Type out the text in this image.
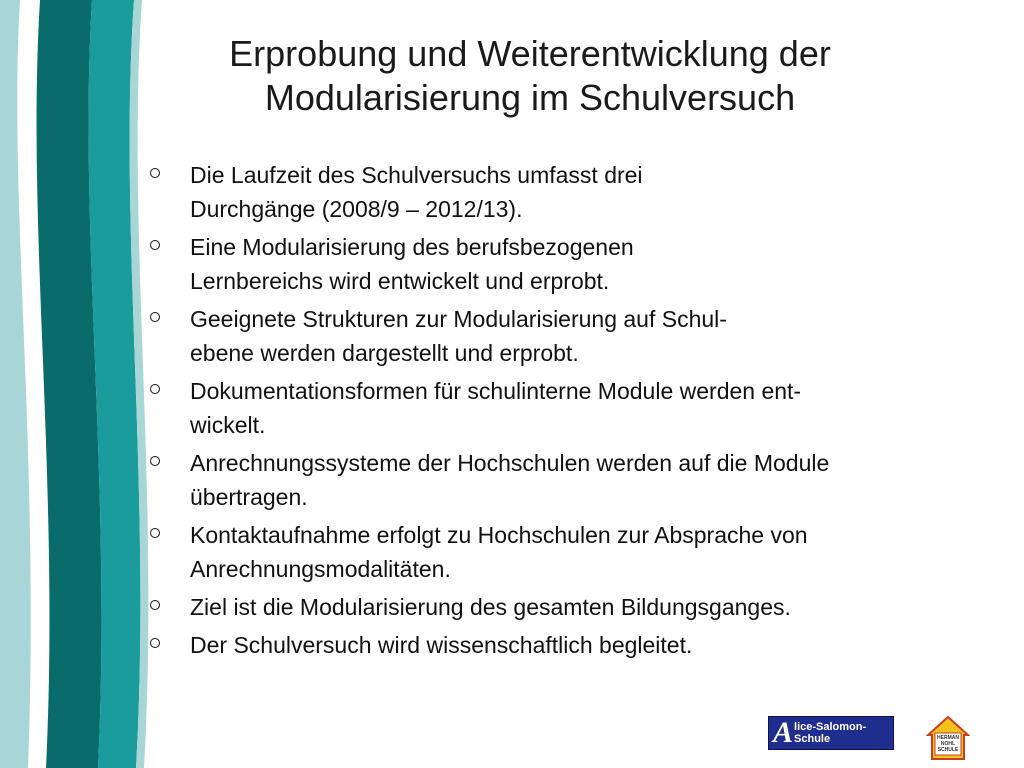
Erprobung und Weiterentwicklung der
Modularisierung im Schulversuch
Die Laufzeit des Schulversuchs umfasst drei
Durchgänge (2008/9 – 2012/13).
Eine Modularisierung des berufsbezogenen
Lernbereichs wird entwickelt und erprobt.
Geeignete Strukturen zur Modularisierung auf Schul-
ebene werden dargestellt und erprobt.
Dokumentationsformen für schulinterne Module werden ent-
wickelt.
Anrechnungssysteme der Hochschulen werden auf die Module
übertragen.
Kontaktaufnahme erfolgt zu Hochschulen zur Absprache von
Anrechnungsmodalitäten.
Ziel ist die Modularisierung des gesamten Bildungsganges.
Der Schulversuch wird wissenschaftlich begleitet.
A lice-Salomon-Schule	HERMAN
NOHL
SCHULE
